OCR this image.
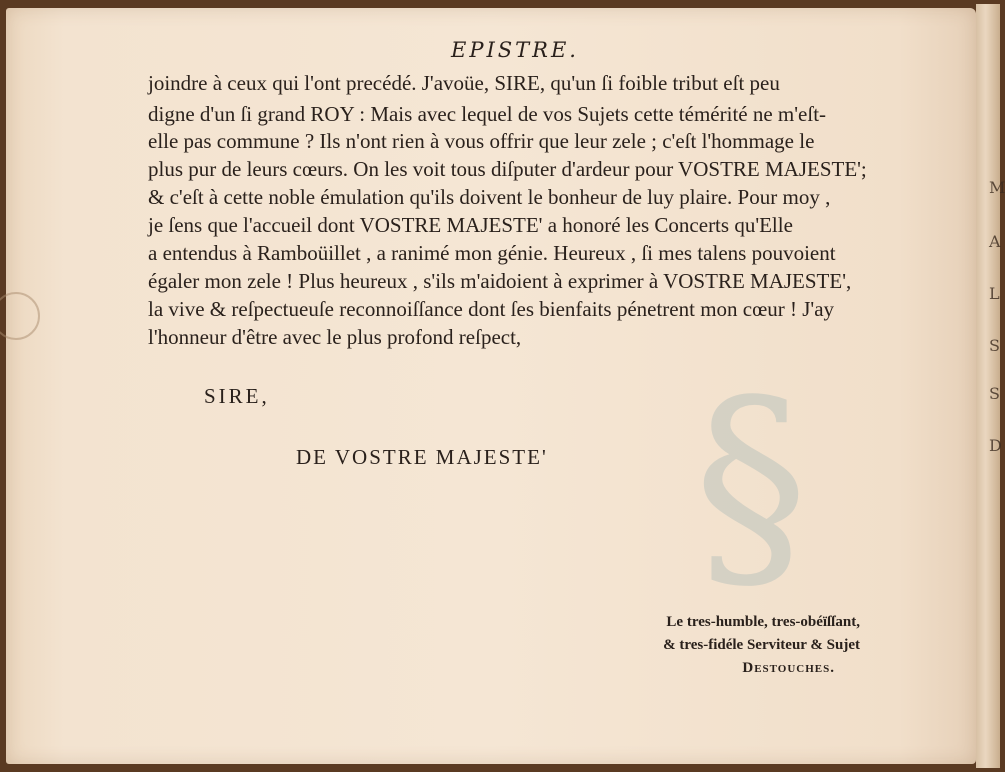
M
A
L
S
S
D
§
EPISTRE.
joindre à ceux qui l'ont precédé. J'avoüe, SIRE, qu'un ſi foible tribut eſt peu
digne d'un ſi grand ROY : Mais avec lequel de vos Sujets cette témérité ne m'eſt-
elle pas commune ? Ils n'ont rien à vous offrir que leur zele ; c'eſt l'hommage le
plus pur de leurs cœurs. On les voit tous diſputer d'ardeur pour VOSTRE MAJESTE';
& c'eſt à cette noble émulation qu'ils doivent le bonheur de luy plaire. Pour moy ,
je ſens que l'accueil dont VOSTRE MAJESTE' a honoré les Concerts qu'Elle
a entendus à Ramboüillet , a ranimé mon génie. Heureux , ſi mes talens pouvoient
égaler mon zele ! Plus heureux , s'ils m'aidoient à exprimer à VOSTRE MAJESTE',
la vive & reſpectueuſe reconnoiſſance dont ſes bienfaits pénetrent mon cœur ! J'ay
l'honneur d'être avec le plus profond reſpect,
SIRE,
DE VOSTRE MAJESTE'
Le tres-humble, tres-obéïſſant,
& tres-fidéle Serviteur & Sujet
Destouches.
